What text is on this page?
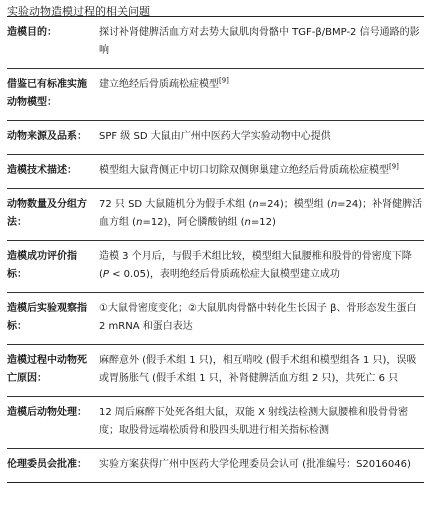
实验动物造模过程的相关问题
造模目的：	探讨补肾健脾活血方对去势大鼠肌肉骨骼中 TGF-β/BMP-2 信号通路的影响
借鉴已有标准实施动物模型：	建立绝经后骨质疏松症模型[9]
动物来源及品系：	SPF 级 SD 大鼠由广州中医药大学实验动物中心提供
造模技术描述：	模型组大鼠背侧正中切口切除双侧卵巢建立绝经后骨质疏松症模型[9]
动物数量及分组方法：	72 只 SD 大鼠随机分为假手术组 (n=24)；模型组 (n=24)；补肾健脾活血方组 (n=12)，阿仑膦酸钠组 (n=12)
造模成功评价指标：	造模 3 个月后，与假手术组比较，模型组大鼠腰椎和股骨的骨密度下降 (P < 0.05)，表明绝经后骨质疏松症大鼠模型建立成功
造模后实验观察指标：	①大鼠骨密度变化；②大鼠肌肉骨骼中转化生长因子 β、骨形态发生蛋白 2 mRNA 和蛋白表达
造模过程中动物死亡原因：	麻醉意外 (假手术组 1 只)，相互啃咬 (假手术组和模型组各 1 只)，误吸或胃肠胀气 (假手术组 1 只，补肾健脾活血方组 2 只)，共死亡 6 只
造模后动物处理：	12 周后麻醉下处死各组大鼠，双能 X 射线法检测大鼠腰椎和股骨骨密度；取股骨远端松质骨和股四头肌进行相关指标检测
伦理委员会批准：	实验方案获得广州中医药大学伦理委员会认可 (批准编号：S2016046)
